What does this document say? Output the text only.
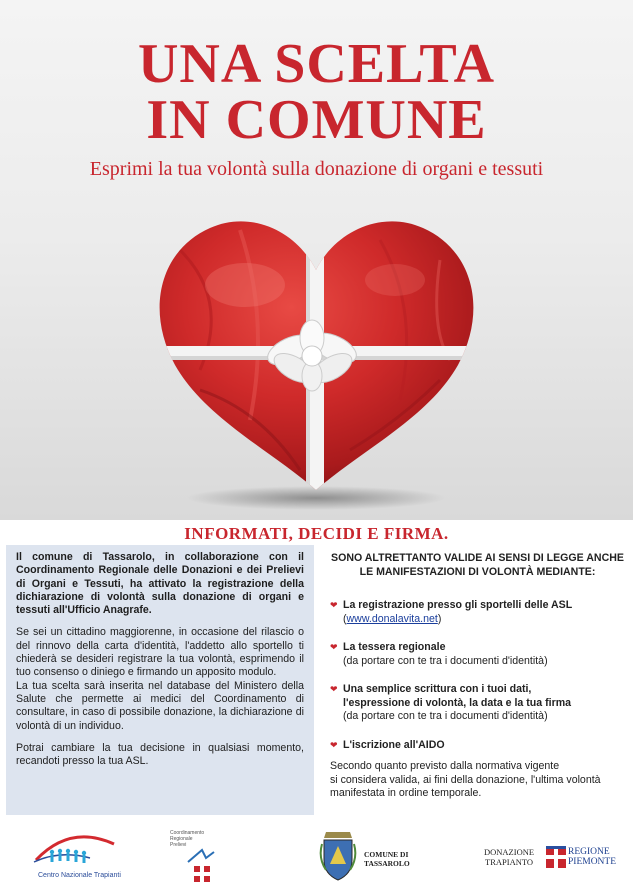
UNA SCELTA
IN COMUNE
Esprimi la tua volontà sulla donazione di organi e tessuti
INFORMATI, DECIDI E FIRMA.

Il comune di Tassarolo, in collaborazione con il Coordinamento Regionale delle Donazioni e dei Prelievi di Organi e Tessuti, ha attivato la registrazione della dichiarazione di volontà sulla donazione di organi e tessuti all'Ufficio Anagrafe.

Se sei un cittadino maggiorenne, in occasione del rilascio o del rinnovo della carta d'identità, l'addetto allo sportello ti chiederà se desideri registrare la tua volontà, esprimendo il tuo consenso o diniego e firmando un apposito modulo.

La tua scelta sarà inserita nel database del Ministero della Salute che permette ai medici del Coordinamento di consultare, in caso di possibile donazione, la dichiarazione di volontà di un individuo.

Potrai cambiare la tua decisione in qualsiasi momento, recandoti presso la tua ASL.

SONO ALTRETTANTO VALIDE AI SENSI DI LEGGE ANCHE LE MANIFESTAZIONI DI VOLONTÀ MEDIANTE:
❤ La registrazione presso gli sportelli delle ASL
(www.donalavita.net)
❤ La tessera regionale
(da portare con te tra i documenti d'identità)
❤ Una semplice scrittura con i tuoi dati,
l'espressione di volontà, la data e la tua firma
(da portare con te tra i documenti d'identità)
❤ L'iscrizione all'AIDO
Secondo quanto previsto dalla normativa vigente
si considera valida, ai fini della donazione, l'ultima volontà
manifestata in ordine temporale.
Centro Nazionale Trapianti
Coordinamento
Regionale
Prelievi
COMUNE DI
TASSAROLO
DONAZIONE
TRAPIANTO
REGIONE
PIEMONTE
